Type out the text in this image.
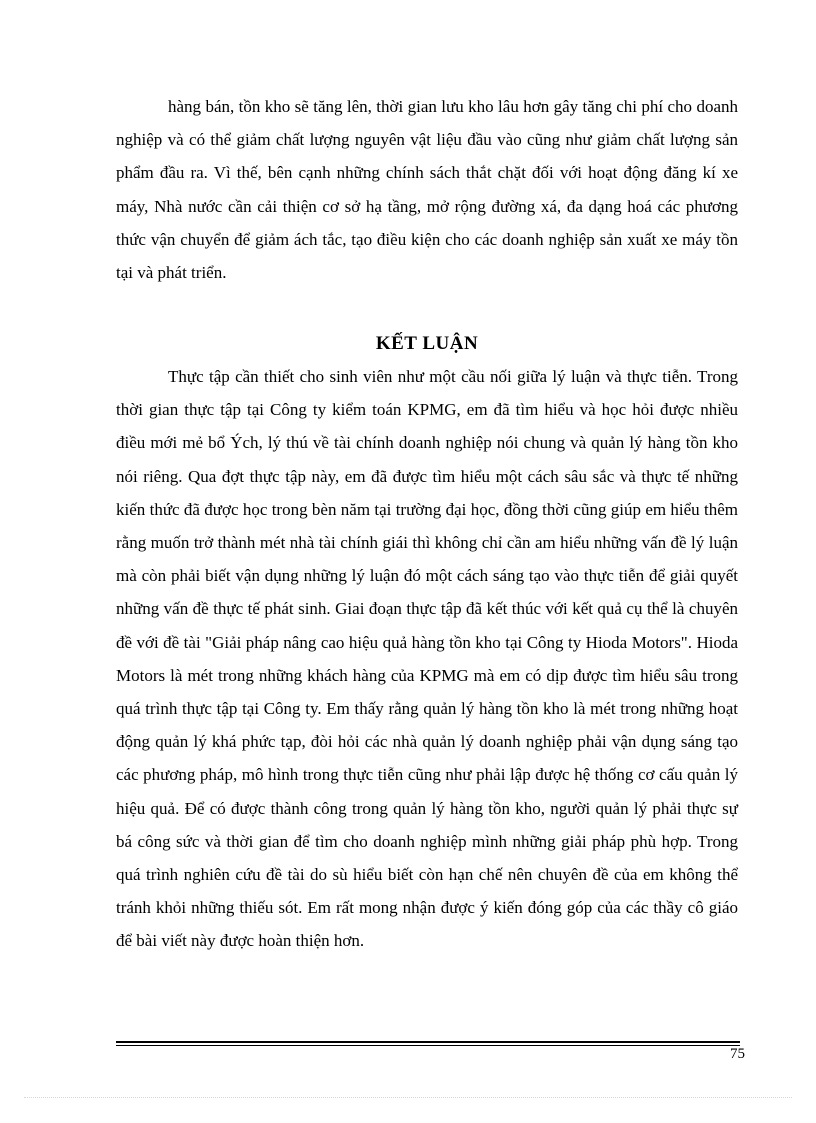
hàng bán, tồn kho sẽ tăng lên, thời gian lưu kho lâu hơn gây tăng chi phí cho doanh nghiệp và có thể giảm chất lượng nguyên vật liệu đầu vào cũng như giảm chất lượng sản phẩm đầu ra. Vì thế, bên cạnh những chính sách thắt chặt đối với hoạt động đăng kí xe máy, Nhà nước cần cải thiện cơ sở hạ tầng, mở rộng đường xá, đa dạng hoá các phương thức vận chuyển để giảm ách tắc, tạo điều kiện cho các doanh nghiệp sản xuất xe máy tồn tại và phát triển.

KẾT LUẬN

Thực tập cần thiết cho sinh viên như một cầu nối giữa lý luận và thực tiễn. Trong thời gian thực tập tại Công ty kiểm toán KPMG, em đã tìm hiểu và học hỏi được nhiều điều mới mẻ bổ Ých, lý thú về tài chính doanh nghiệp nói chung và quản lý hàng tồn kho nói riêng. Qua đợt thực tập này, em đã được tìm hiểu một cách sâu sắc và thực tế những kiến thức đã được học trong bèn năm tại trường đại học, đồng thời cũng giúp em hiểu thêm rằng muốn trở thành mét nhà tài chính giái thì không chỉ cần am hiểu những vấn đề lý luận mà còn phải biết vận dụng những lý luận đó một cách sáng tạo vào thực tiễn để giải quyết những vấn đề thực tế phát sinh. Giai đoạn thực tập đã kết thúc với kết quả cụ thể là chuyên đề với đề tài "Giải pháp nâng cao hiệu quả hàng tồn kho tại Công ty Hioda Motors". Hioda Motors là mét trong những khách hàng của KPMG mà em có dịp được tìm hiểu sâu trong quá trình thực tập tại Công ty. Em thấy rằng quản lý hàng tồn kho là mét trong những hoạt động quản lý khá phức tạp, đòi hỏi các nhà quản lý doanh nghiệp phải vận dụng sáng tạo các phương pháp, mô hình trong thực tiễn cũng như phải lập được hệ thống cơ cấu quản lý hiệu quả. Để có được thành công trong quản lý hàng tồn kho, người quản lý phải thực sự bá công sức và thời gian để tìm cho doanh nghiệp mình những giải pháp phù hợp. Trong quá trình nghiên cứu đề tài do sù hiểu biết còn hạn chế nên chuyên đề của em không thể tránh khỏi những thiếu sót. Em rất mong nhận được ý kiến đóng góp của các thầy cô giáo để bài viết này được hoàn thiện hơn.

75
